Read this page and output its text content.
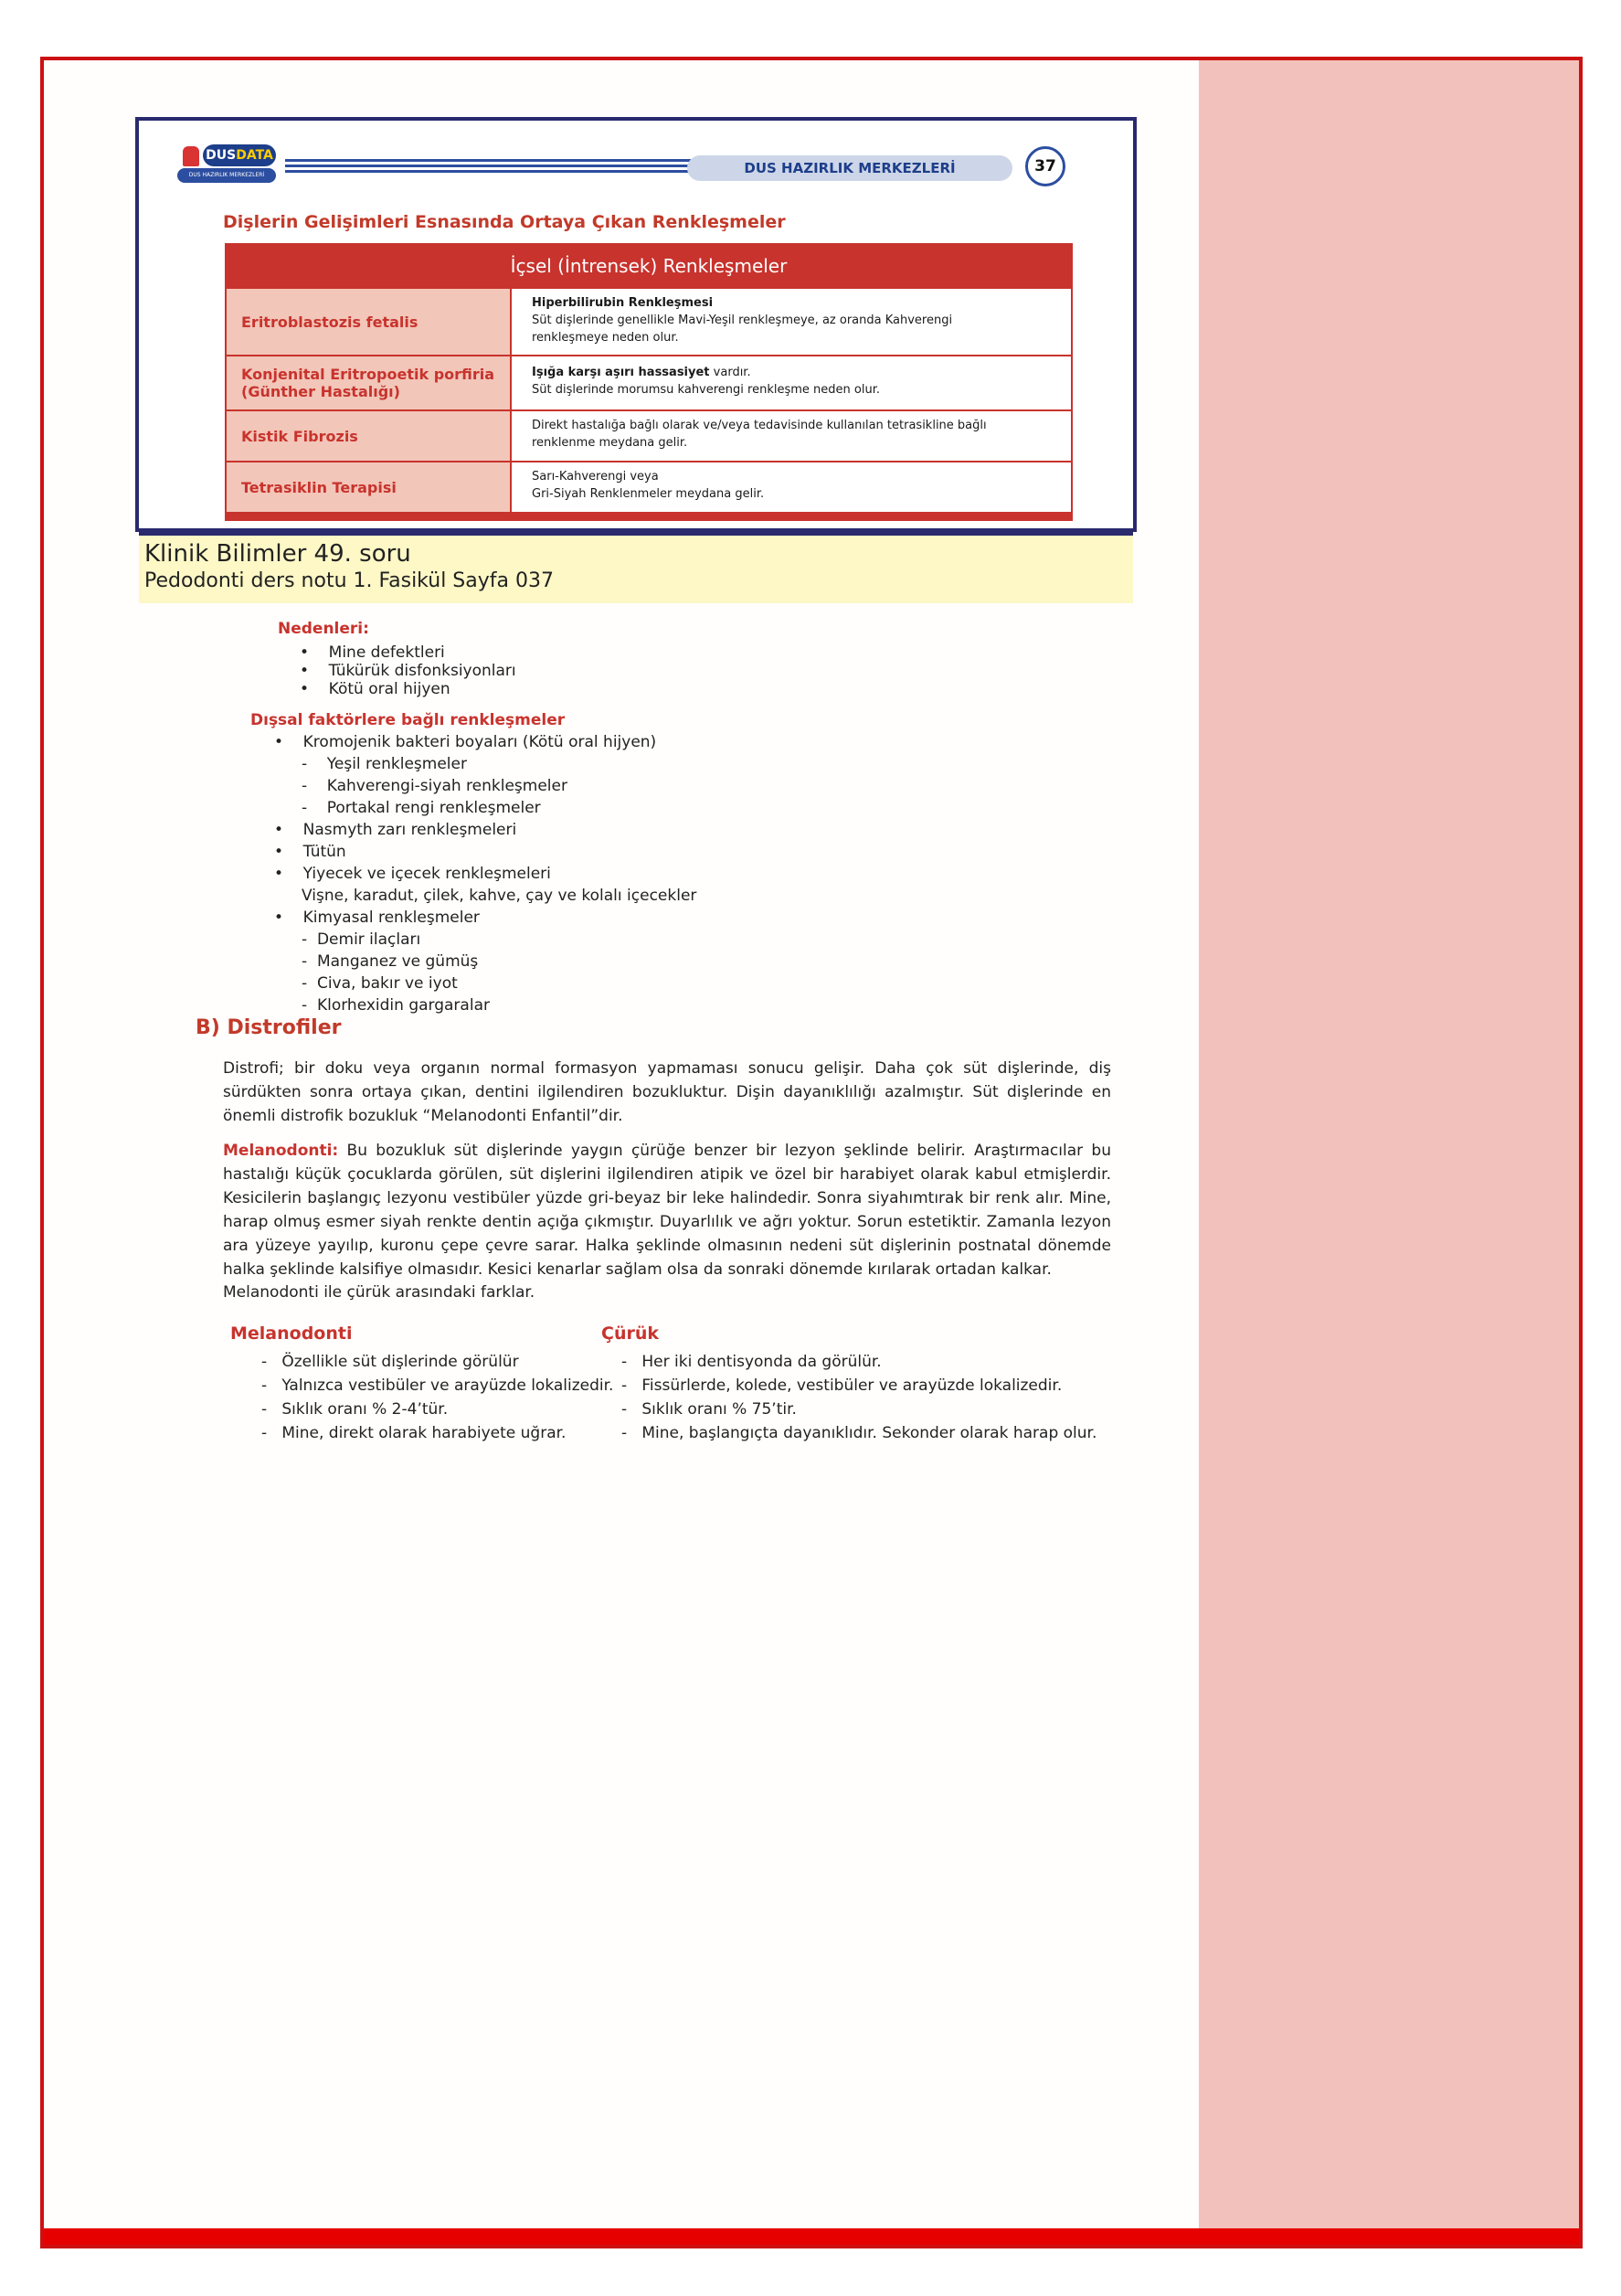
Nedenleri:
•    Mine defektleri
•    Tükürük disfonksiyonları
•    Kötü oral hijyen
Dışsal faktörlere bağlı renkleşmeler
•    Kromojenik bakteri boyaları (Kötü oral hijyen)
-    Yeşil renkleşmeler
-    Kahverengi-siyah renkleşmeler
-    Portakal rengi renkleşmeler
•    Nasmyth zarı renkleşmeleri
•    Tütün
•    Yiyecek ve içecek renkleşmeleri
Vişne, karadut, çilek, kahve, çay ve kolalı içecekler
•    Kimyasal renkleşmeler
-  Demir ilaçları
-  Manganez ve gümüş
-  Civa, bakır ve iyot
-  Klorhexidin gargaralar
B) Distrofiler
Distrofi; bir doku veya organın normal formasyon yapmaması sonucu gelişir. Daha çok süt dişlerinde, diş sürdükten sonra ortaya çıkan, dentini ilgilendiren bozukluktur. Dişin dayanıklılığı azalmıştır. Süt dişlerinde en önemli distrofik bozukluk “Melanodonti Enfantil”dir.
Melanodonti: Bu bozukluk süt dişlerinde yaygın çürüğe benzer bir lezyon şeklinde belirir. Araştırmacılar bu hastalığı küçük çocuklarda görülen, süt dişlerini ilgilendiren atipik ve özel bir harabiyet olarak kabul etmişlerdir. Kesicilerin başlangıç lezyonu vestibüler yüzde gri-beyaz bir leke halindedir. Sonra siyahımtırak bir renk alır. Mine, harap olmuş esmer siyah renkte dentin açığa çıkmıştır. Duyarlılık ve ağrı yoktur. Sorun estetiktir. Zamanla lezyon ara yüzeye yayılıp, kuronu çepe çevre sarar. Halka şeklinde olmasının nedeni süt dişlerinin postnatal dönemde halka şeklinde kalsifiye olmasıdır. Kesici kenarlar sağlam olsa da sonraki dönemde kırılarak ortadan kalkar.
Melanodonti ile çürük arasındaki farklar.
Melanodonti
-   Özellikle süt dişlerinde görülür
-   Yalnızca vestibüler ve arayüzde lokalizedir.
-   Sıklık oranı % 2-4’tür.
-   Mine, direkt olarak harabiyete uğrar.
Çürük
-   Her iki dentisyonda da görülür.
-   Fissürlerde, kolede, vestibüler ve arayüzde lokalizedir.
-   Sıklık oranı % 75’tir.
-   Mine, başlangıçta dayanıklıdır. Sekonder olarak harap olur.
DUSDATA
DUS HAZIRLIK MERKEZLERİ	DUS HAZIRLIK MERKEZLERİ	37
Dişlerin Gelişimleri Esnasında Ortaya Çıkan Renkleşmeler
İçsel (İntrensek) Renkleşmeler
Eritroblastozis fetalis
Hiperbilirubin Renkleşmesi
Süt dişlerinde genellikle Mavi-Yeşil renkleşmeye, az oranda Kahverengi
renkleşmeye neden olur.
Konjenital Eritropoetik porfiria
(Günther Hastalığı)
Işığa karşı aşırı hassasiyet vardır.
Süt dişlerinde morumsu kahverengi renkleşme neden olur.
Kistik Fibrozis
Direkt hastalığa bağlı olarak ve/veya tedavisinde kullanılan tetrasikline bağlı
renklenme meydana gelir.
Tetrasiklin Terapisi
Sarı-Kahverengi veya
Gri-Siyah Renklenmeler meydana gelir.
Klinik Bilimler 49. soru
Pedodonti ders notu 1. Fasikül Sayfa 037
